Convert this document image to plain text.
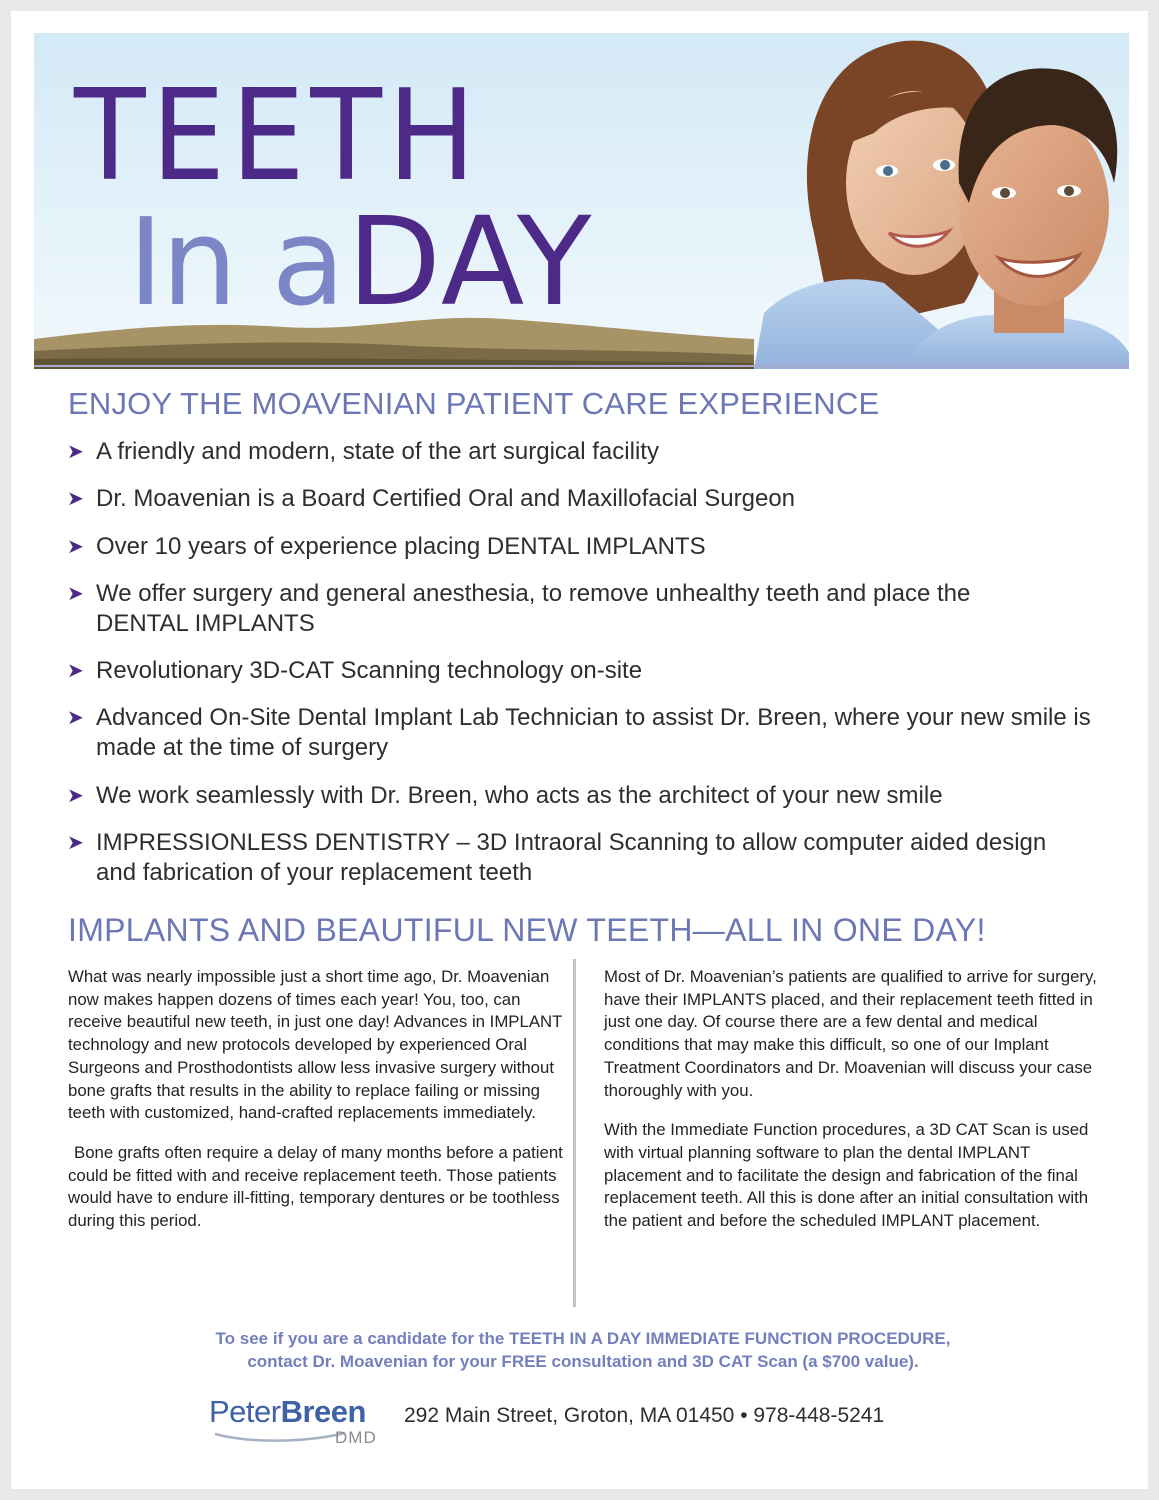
TEETH
In aDAY
ENJOY THE MOAVENIAN PATIENT CARE EXPERIENCE
➤ A friendly and modern, state of the art surgical facility
➤ Dr. Moavenian is a Board Certified Oral and Maxillofacial Surgeon
➤ Over 10 years of experience placing DENTAL IMPLANTS
➤ We offer surgery and general anesthesia, to remove unhealthy teeth and place the DENTAL IMPLANTS
➤ Revolutionary 3D-CAT Scanning technology on-site
➤ Advanced On-Site Dental Implant Lab Technician to assist Dr. Breen, where your new smile is made at the time of surgery
➤ We work seamlessly with Dr. Breen, who acts as the architect of your new smile
➤ IMPRESSIONLESS DENTISTRY – 3D Intraoral Scanning to allow computer aided design and fabrication of your replacement teeth
IMPLANTS AND BEAUTIFUL NEW TEETH—ALL IN ONE DAY!

What was nearly impossible just a short time ago, Dr. Moavenian now makes happen dozens of times each year! You, too, can receive beautiful new teeth, in just one day! Advances in IMPLANT technology and new protocols developed by experienced Oral Surgeons and Prosthodontists allow less invasive surgery without bone grafts that results in the ability to replace failing or missing teeth with customized, hand-crafted replacements immediately.

Bone grafts often require a delay of many months before a patient could be fitted with and receive replacement teeth. Those patients would have to endure ill-fitting, temporary dentures or be toothless during this period.

Most of Dr. Moavenian’s patients are qualified to arrive for surgery, have their IMPLANTS placed, and their replacement teeth fitted in just one day. Of course there are a few dental and medical conditions that may make this difficult, so one of our Implant Treatment Coordinators and Dr. Moavenian will discuss your case thoroughly with you.

With the Immediate Function procedures, a 3D CAT Scan is used with virtual planning software to plan the dental IMPLANT placement and to facilitate the design and fabrication of the final replacement teeth. All this is done after an initial consultation with the patient and before the scheduled IMPLANT placement.

To see if you are a candidate for the TEETH IN A DAY IMMEDIATE FUNCTION PROCEDURE,
contact Dr. Moavenian for your FREE consultation and 3D CAT Scan (a $700 value).

PeterBreen
DMD
292 Main Street, Groton, MA 01450 • 978-448-5241
